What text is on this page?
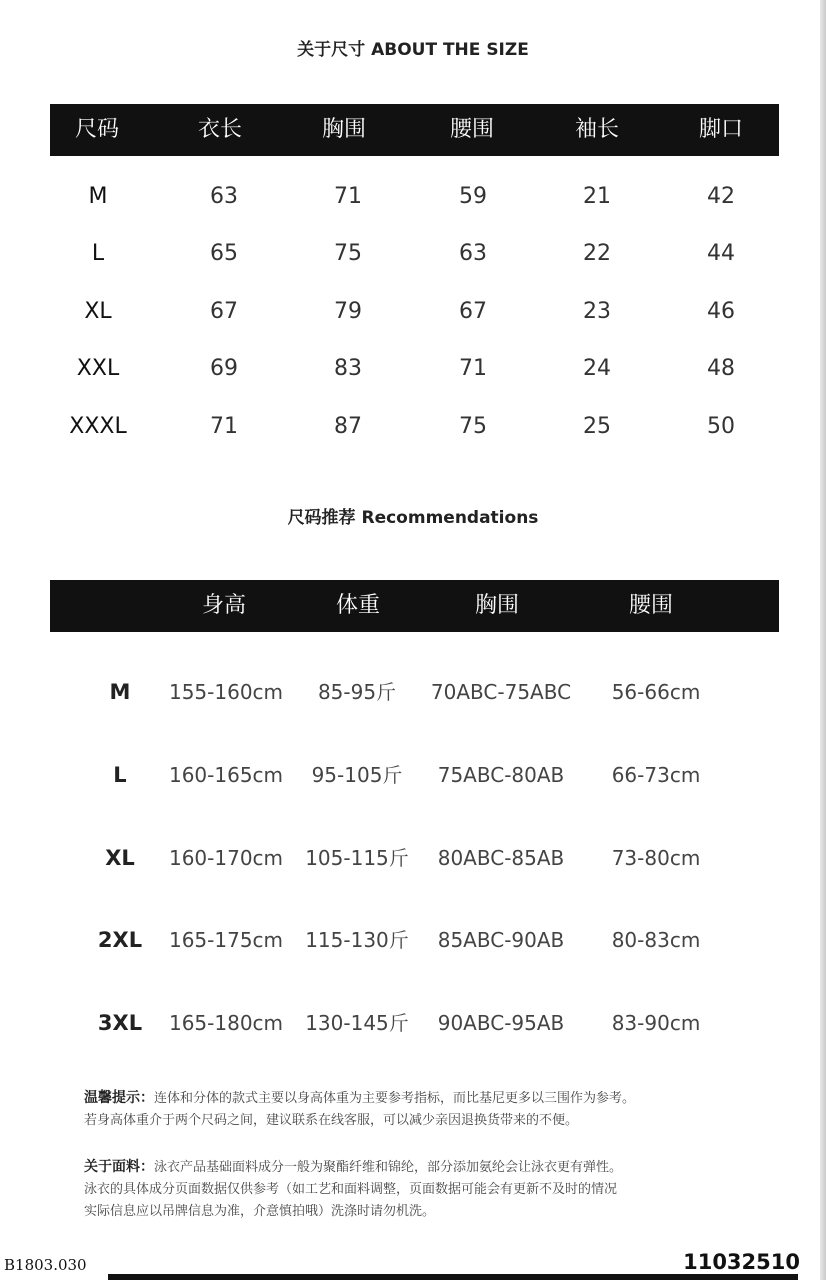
关于尺寸 ABOUT THE SIZE
尺码	衣长	胸围	腰围	袖长	脚口
M	63	71	59	21	42
L	65	75	63	22	44
XL	67	79	67	23	46
XXL	69	83	71	24	48
XXXL	71	87	75	25	50
尺码推荐 Recommendations
身高	体重	胸围	腰围
M 155-160cm 85-95斤 70ABC-75ABC 56-66cm
L 160-165cm 95-105斤 75ABC-80AB 66-73cm
XL 160-170cm 105-115斤 80ABC-85AB 73-80cm
2XL 165-175cm 115-130斤 85ABC-90AB 80-83cm
3XL 165-180cm 130-145斤 90ABC-95AB 83-90cm
温馨提示：连体和分体的款式主要以身高体重为主要参考指标，而比基尼更多以三围作为参考。
若身高体重介于两个尺码之间，建议联系在线客服，可以减少亲因退换货带来的不便。
关于面料：泳衣产品基础面料成分一般为聚酯纤维和锦纶，部分添加氨纶会让泳衣更有弹性。
泳衣的具体成分页面数据仅供参考（如工艺和面料调整，页面数据可能会有更新不及时的情况
实际信息应以吊牌信息为准，介意慎拍哦）洗涤时请勿机洗。
B1803.030	11032510
